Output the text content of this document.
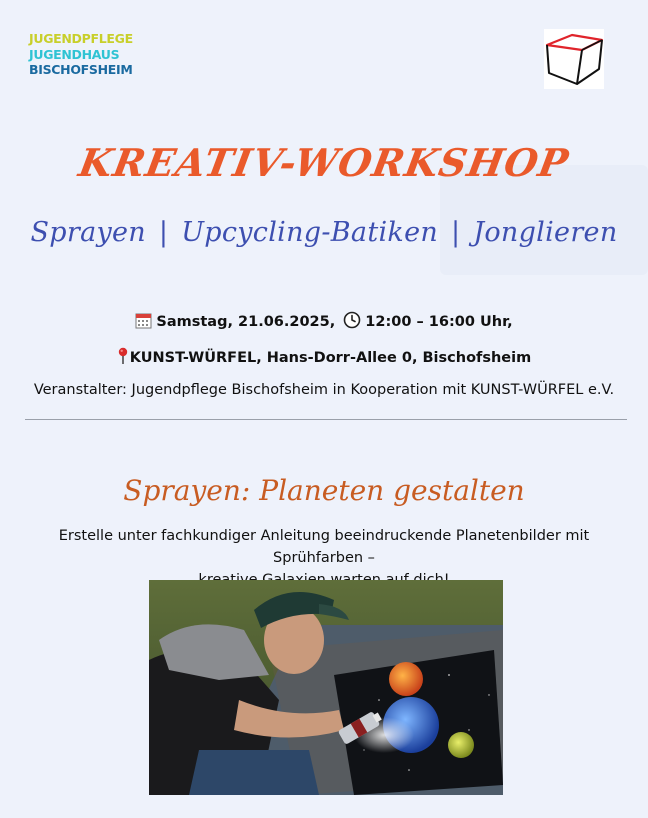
JUGENDPFLEGE
JUGENDHAUS
BISCHOFSHEIM
KREATIV-WORKSHOP
Sprayen | Upcycling-Batiken | Jonglieren
Samstag, 21.06.2025, 12:00 – 16:00 Uhr,
KUNST-WÜRFEL, Hans-Dorr-Allee 0, Bischofsheim
Veranstalter: Jugendpflege Bischofsheim in Kooperation mit KUNST-WÜRFEL e.V.
Sprayen: Planeten gestalten
Erstelle unter fachkundiger Anleitung beeindruckende Planetenbilder mit Sprühfarben –
